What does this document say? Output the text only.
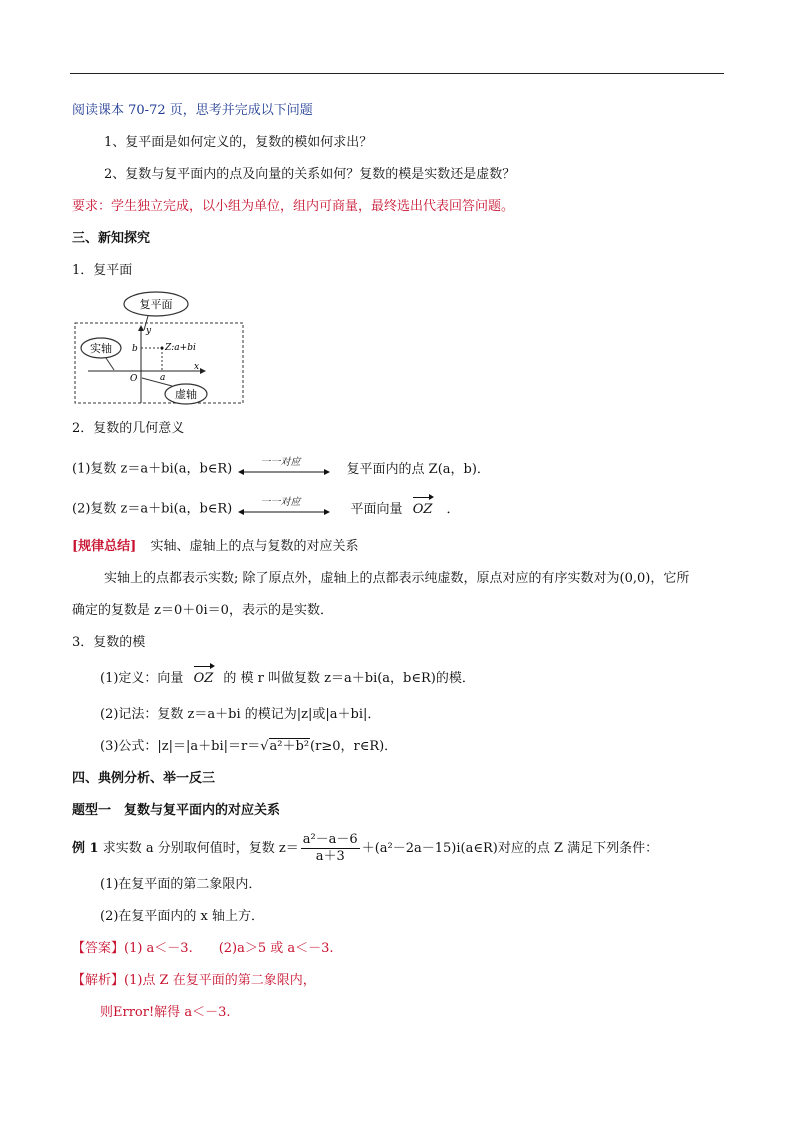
阅读课本 70-72 页，思考并完成以下问题
1、复平面是如何定义的，复数的模如何求出？
2、复数与复平面内的点及向量的关系如何？复数的模是实数还是虚数？
要求：学生独立完成，以小组为单位，组内可商量，最终选出代表回答问题。
三、新知探究
1．复平面
复平面
实轴
y
x
O
b
a
Z:a+bi
虚轴
2．复数的几何意义
(1)复数 z＝a＋bi(a，b∈R)	一一对应	复平面内的点 Z(a，b)．
(2)复数 z＝a＋bi(a，b∈R)	一一对应	平面向量 OZ ．
[规律总结] 实轴、虚轴上的点与复数的对应关系
实轴上的点都表示实数; 除了原点外，虚轴上的点都表示纯虚数，原点对应的有序实数对为(0,0)，它所
确定的复数是 z＝0＋0i＝0，表示的是实数．
3．复数的模
(1)定义：向量 OZ 的 模 r 叫做复数 z＝a＋bi(a，b∈R)的模．
(2)记法：复数 z＝a＋bi 的模记为|z|或|a＋bi|．
(3)公式：|z|＝|a＋bi|＝r＝√a²＋b²(r≥0，r∈R)．
四、典例分析、举一反三
题型一　复数与复平面内的对应关系
例 1 求实数 a 分别取何值时，复数 $z= \frac{\text{a²－a－6}}{a+3}$ ＋(a²－2a－15)i(a∈R)对应的点 Z 满足下列条件：
(1)在复平面的第二象限内．
(2)在复平面内的 x 轴上方．
【答案】(1) a＜－3.　　(2)a＞5 或 a＜－3.
【解析】(1)点 Z 在复平面的第二象限内，
则Error!解得 a＜－3.
